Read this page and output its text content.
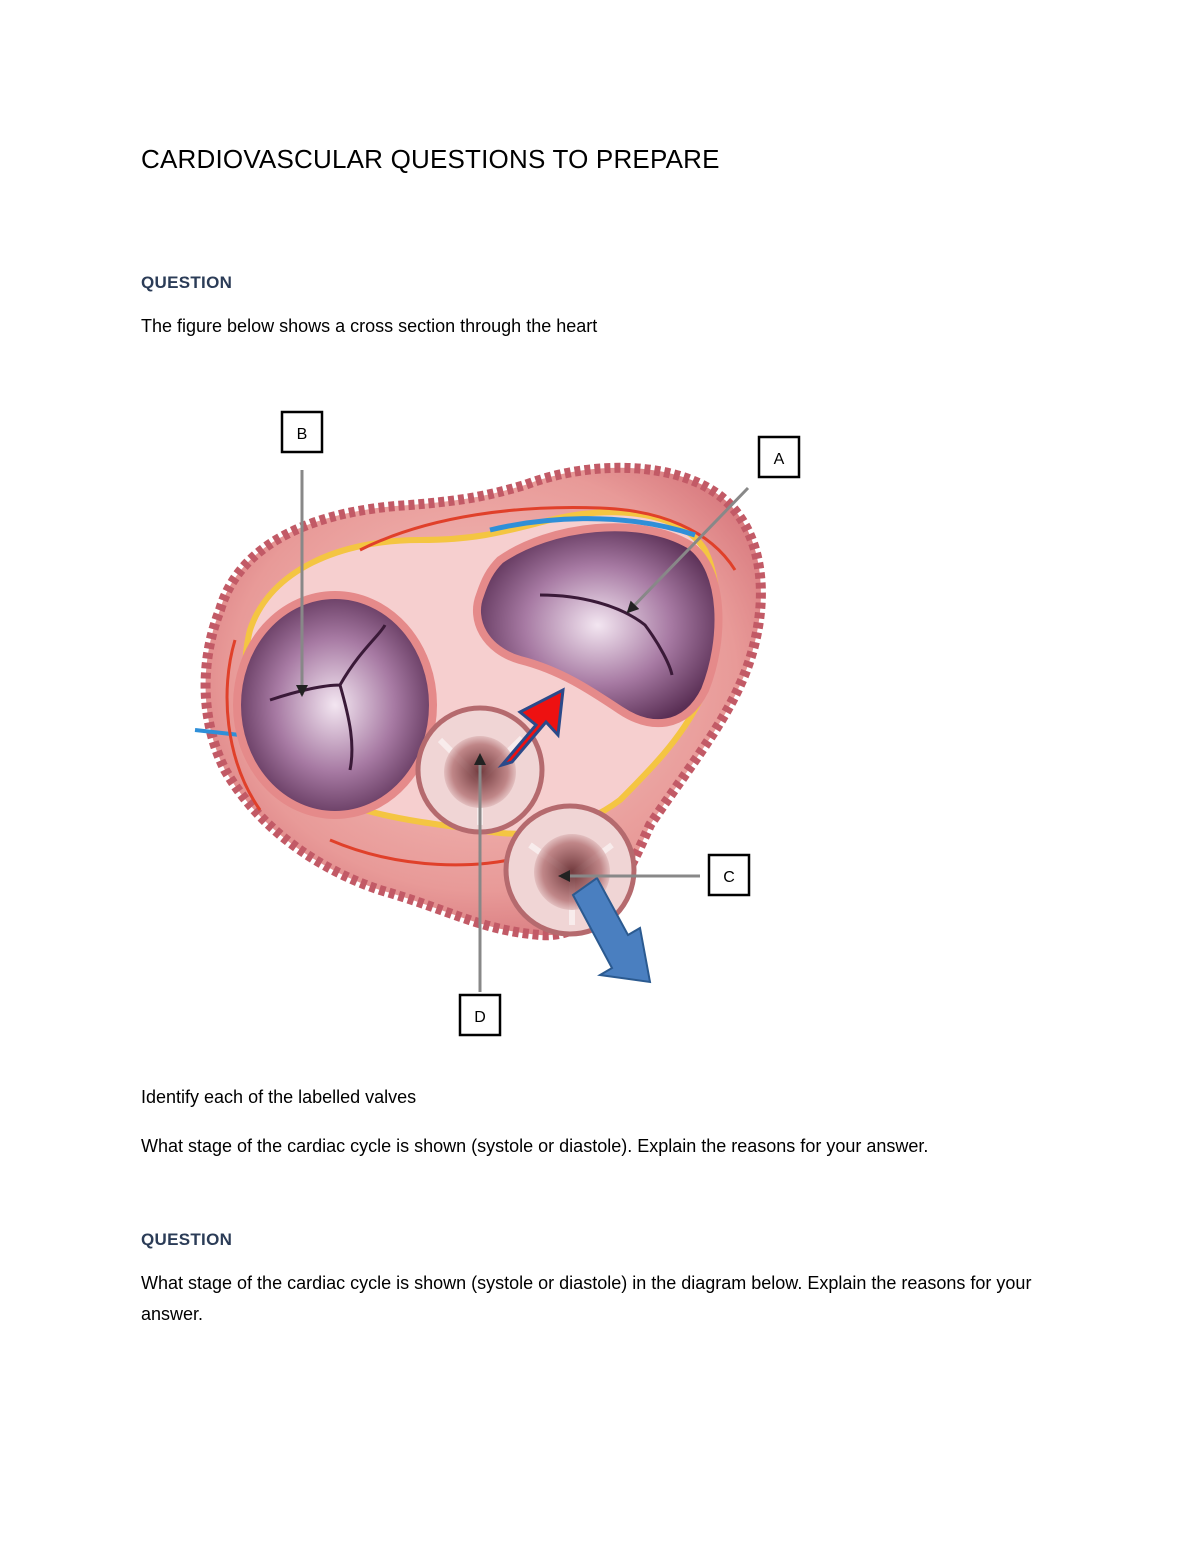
CARDIOVASCULAR QUESTIONS TO PREPARE
QUESTION

The figure below shows a cross section through the heart

B
A
C
D

Identify each of the labelled valves

What stage of the cardiac cycle is shown (systole or diastole). Explain the reasons for your answer.

QUESTION

What stage of the cardiac cycle is shown (systole or diastole) in the diagram below. Explain the reasons for your answer.
